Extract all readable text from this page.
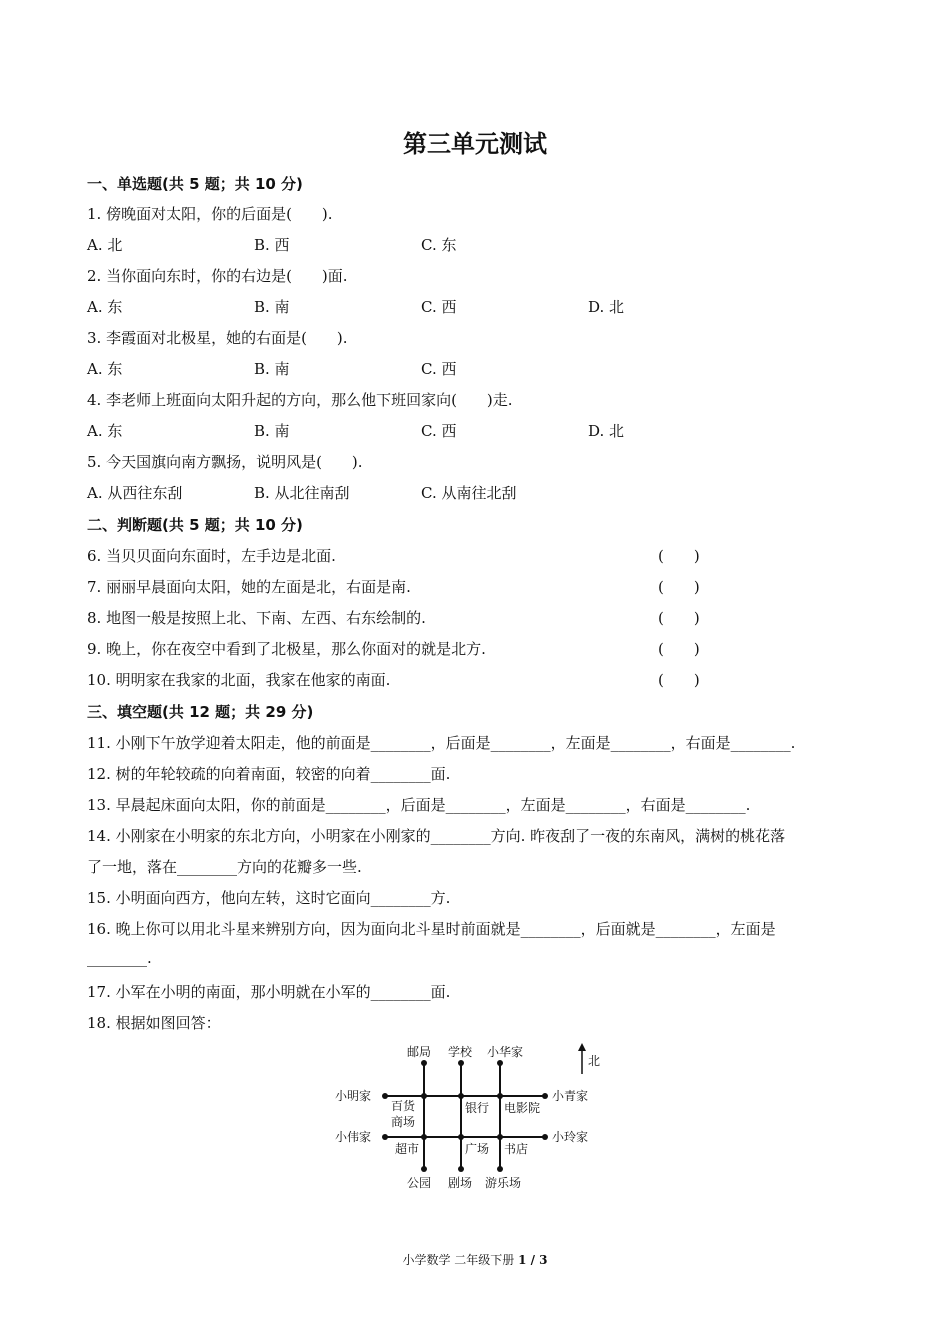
第三单元测试
一、单选题(共 5 题；共 10 分)
1. 傍晚面对太阳，你的后面是(　　).
A. 北	B. 西	C. 东
2. 当你面向东时，你的右边是(　　)面.
A. 东	B. 南	C. 西	D. 北
3. 李霞面对北极星，她的右面是(　　).
A. 东	B. 南	C. 西
4. 李老师上班面向太阳升起的方向，那么他下班回家向(　　)走.
A. 东	B. 南	C. 西	D. 北
5. 今天国旗向南方飘扬，说明风是(　　).
A. 从西往东刮	B. 从北往南刮	C. 从南往北刮
二、判断题(共 5 题；共 10 分)
6. 当贝贝面向东面时，左手边是北面.	(　　)
7. 丽丽早晨面向太阳，她的左面是北，右面是南.	(　　)
8. 地图一般是按照上北、下南、左西、右东绘制的.	(　　)
9. 晚上，你在夜空中看到了北极星，那么你面对的就是北方.	(　　)
10. 明明家在我家的北面，我家在他家的南面.	(　　)
三、填空题(共 12 题；共 29 分)
11. 小刚下午放学迎着太阳走，他的前面是________，后面是________，左面是________，右面是________.
12. 树的年轮较疏的向着南面，较密的向着________面.
13. 早晨起床面向太阳，你的前面是________，后面是________，左面是________，右面是________.
14. 小刚家在小明家的东北方向，小明家在小刚家的________方向. 昨夜刮了一夜的东南风，满树的桃花落
了一地，落在________方向的花瓣多一些.
15. 小明面向西方，他向左转，这时它面向________方.
16. 晚上你可以用北斗星来辨别方向，因为面向北斗星时前面就是________，后面就是________，左面是
________.
17. 小军在小明的南面，那小明就在小军的________面.
18. 根据如图回答：
北
邮局 学校 小华家
小明家
小伟家
小青家
小玲家
公园 剧场 游乐场
百货
商场
银行 电影院
超市	广场 书店
小学数学 二年级下册 1 / 3
